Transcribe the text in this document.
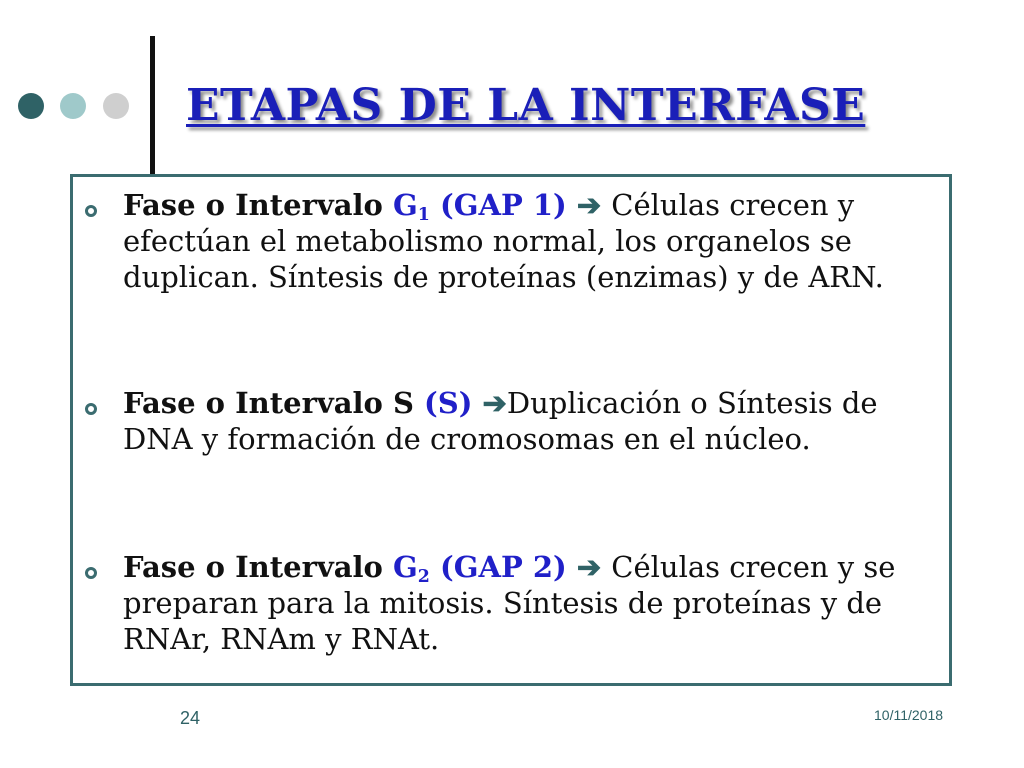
ETAPAS DE LA INTERFASE
Fase o Intervalo $G_1$ (GAP 1) ➔ Células crecen y efectúan el metabolismo normal, los organelos se duplican. Síntesis de proteínas (enzimas) y de ARN.
Fase o Intervalo S (S) ➔Duplicación o Síntesis de DNA y formación de cromosomas en el núcleo.
Fase o Intervalo $G_2$ (GAP 2) ➔ Células crecen y se preparan para la mitosis. Síntesis de proteínas y de RNAr, RNAm y RNAt.
24	10/11/2018
